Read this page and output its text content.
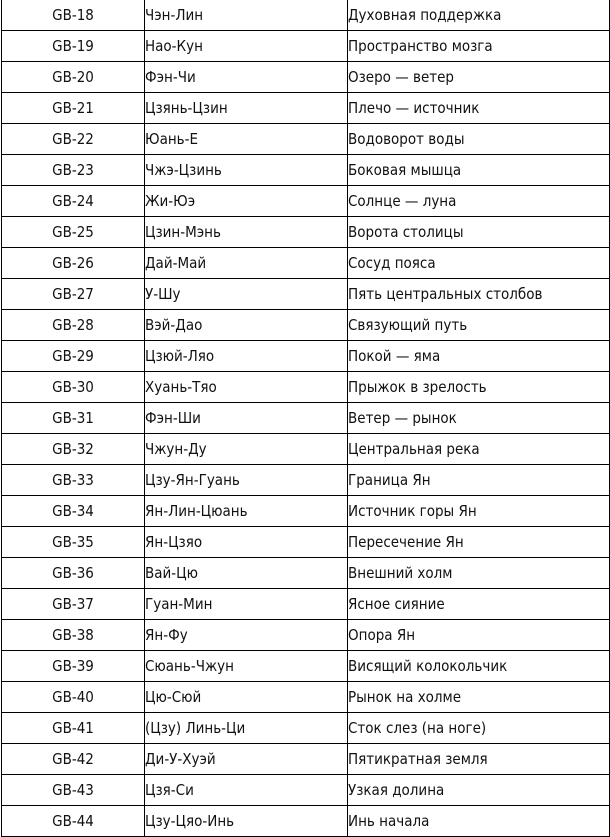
GB-18	Чэн-Лин	Духовная поддержка
GB-19	Нао-Кун	Пространство мозга
GB-20	Фэн-Чи	Озеро — ветер
GB-21	Цзянь-Цзин	Плечо — источник
GB-22	Юань-Е	Водоворот воды
GB-23	Чжэ-Цзинь	Боковая мышца
GB-24	Жи-Юэ	Солнце — луна
GB-25	Цзин-Мэнь	Ворота столицы
GB-26	Дай-Май	Сосуд пояса
GB-27	У-Шу	Пять центральных столбов
GB-28	Вэй-Дао	Связующий путь
GB-29	Цзюй-Ляо	Покой — яма
GB-30	Хуань-Тяо	Прыжок в зрелость
GB-31	Фэн-Ши	Ветер — рынок
GB-32	Чжун-Ду	Центральная река
GB-33	Цзу-Ян-Гуань	Граница Ян
GB-34	Ян-Лин-Цюань	Источник горы Ян
GB-35	Ян-Цзяо	Пересечение Ян
GB-36	Вай-Цю	Внешний холм
GB-37	Гуан-Мин	Ясное сияние
GB-38	Ян-Фу	Опора Ян
GB-39	Сюань-Чжун	Висящий колокольчик
GB-40	Цю-Сюй	Рынок на холме
GB-41	(Цзу) Линь-Ци	Сток слез (на ноге)
GB-42	Ди-У-Хуэй	Пятикратная земля
GB-43	Цзя-Си	Узкая долина
GB-44	Цзу-Цяо-Инь	Инь начала
